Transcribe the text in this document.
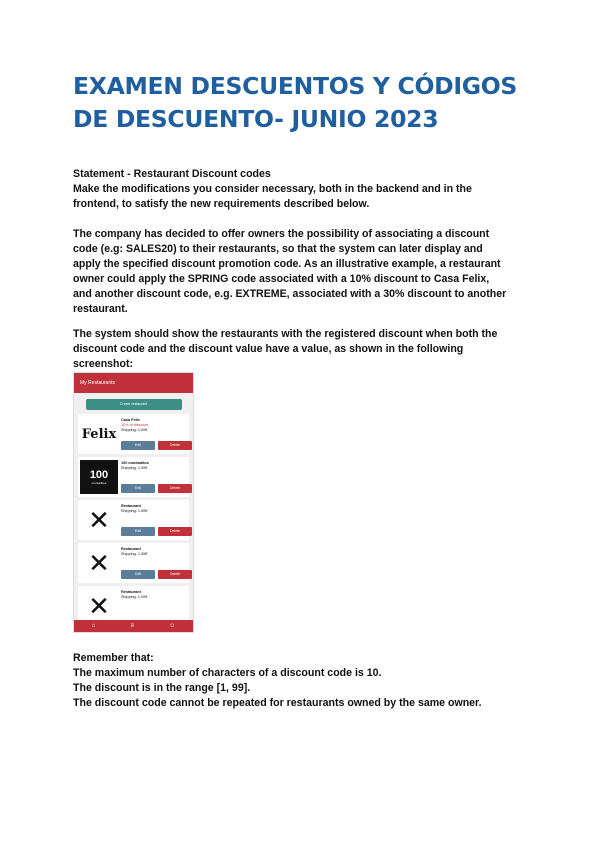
EXAMEN DESCUENTOS Y CÓDIGOS
DE DESCUENTO- JUNIO 2023
Statement - Restaurant Discount codes
Make the modifications you consider necessary, both in the backend and in the
frontend, to satisfy the new requirements described below.
The company has decided to offer owners the possibility of associating a discount
code (e.g: SALES20) to their restaurants, so that the system can later display and
apply the specified discount promotion code. As an illustrative example, a restaurant
owner could apply the SPRING code associated with a 10% discount to Casa Felix,
and another discount code, e.g. EXTREME, associated with a 30% discount to another
restaurant.
The system should show the restaurants with the registered discount when both the
discount code and the discount value have a value, as shown in the following
screenshot:
My Restaurants
Create restaurant
Felix
Casa Felix
10% of discount
Shipping: 1.00€
Edit	Delete
100
montaditos
100 montaditos
Shipping: 1.00€
Edit	Delete
✕	Restaurant
Shipping: 1.00€
Edit	Delete
✕	Restaurant
Shipping: 1.00€
Edit	Delete
✕	Restaurant
Shipping: 1.00€
⌂	≡	☺
Remember that:
The maximum number of characters of a discount code is 10.
The discount is in the range [1, 99].
The discount code cannot be repeated for restaurants owned by the same owner.
